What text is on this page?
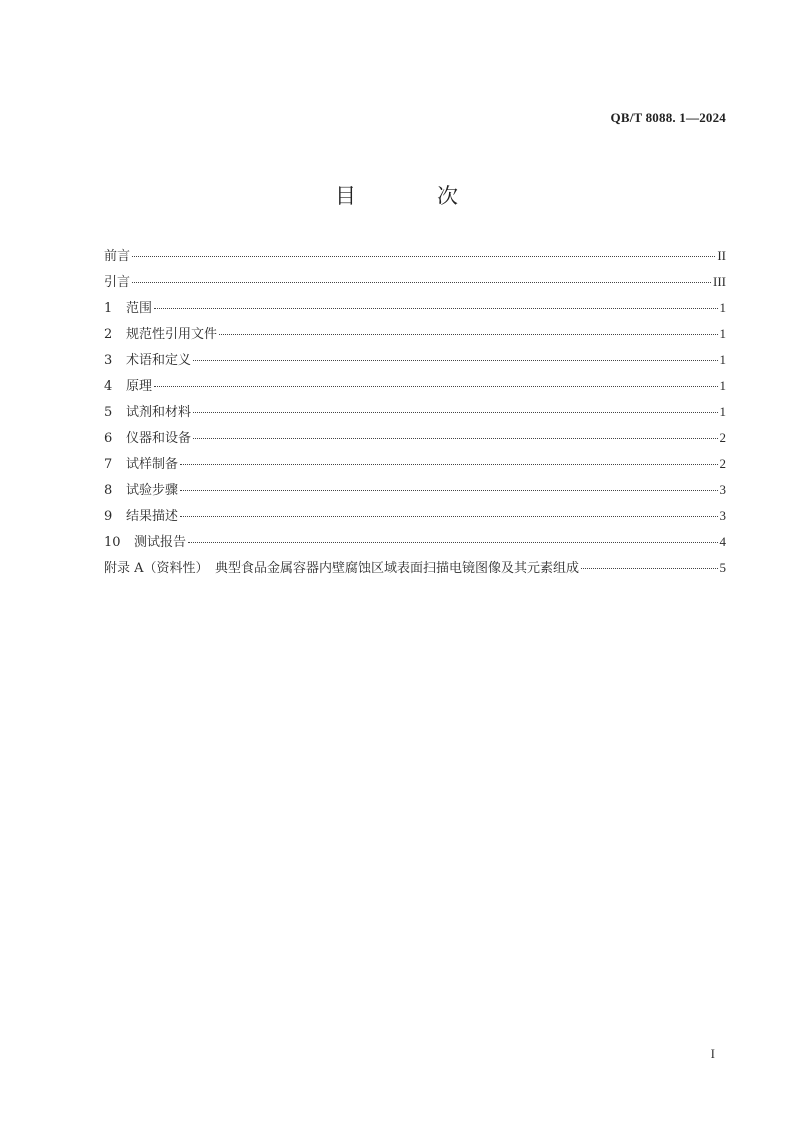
QB/T 8088. 1—2024
目　次
前言	II
引言	III
1	范围	1
2	规范性引用文件	1
3	术语和定义	1
4	原理	1
5	试剂和材料	1
6	仪器和设备	2
7	试样制备	2
8	试验步骤	3
9	结果描述	3
10	测试报告	4
附录 A（资料性）　典型食品金属容器内壁腐蚀区域表面扫描电镜图像及其元素组成	5
I
